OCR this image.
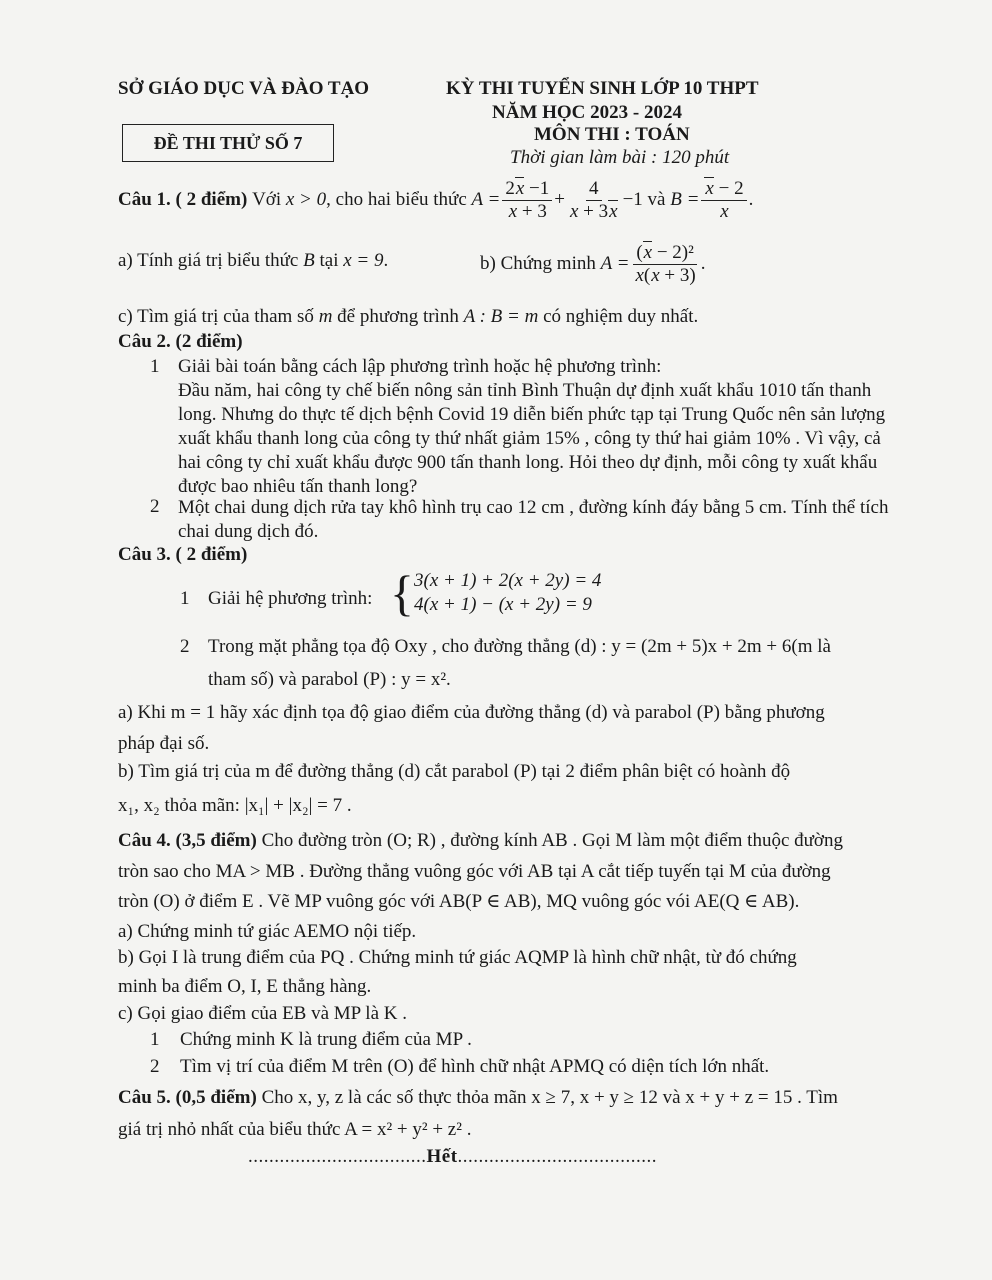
SỞ GIÁO DỤC VÀ ĐÀO TẠO	KỲ THI TUYỂN SINH LỚP 10 THPT
NĂM HỌC 2023 - 2024
ĐỀ THI THỬ SỐ 7	MÔN THI : TOÁN
Thời gian làm bài : 120 phút
Câu 1. ( 2 điểm)
Với
x > 0 , cho hai biểu thức
$A = \frac{2x -1}{x + 3} + \frac{4}{x + 3x} -1$ và
$B = \frac{x - 2}{x}$ .
a) Tính giá trị biểu thức B tại x = 9.	b) Chứng minh
$A = \frac{\text{(x − 2)²}}{x(x + 3)}$ .
c) Tìm giá trị của tham số m để phương trình A : B = m có nghiệm duy nhất.
Câu 2. (2 điểm)
1 Giải bài toán bằng cách lập phương trình hoặc hệ phương trình:
Đầu năm, hai công ty chế biến nông sản tỉnh Bình Thuận dự định xuất khẩu 1010 tấn thanh long. Nhưng do thực tế dịch bệnh Covid 19 diễn biến phức tạp tại Trung Quốc nên sản lượng xuất khẩu thanh long của công ty thứ nhất giảm 15% , công ty thứ hai giảm 10% . Vì vậy, cả hai công ty chỉ xuất khẩu được 900 tấn thanh long. Hỏi theo dự định, mỗi công ty xuất khẩu được bao nhiêu tấn thanh long?
2 Một chai dung dịch rửa tay khô hình trụ cao 12 cm , đường kính đáy bằng 5 cm. Tính thể tích chai dung dịch đó.
Câu 3. ( 2 điểm)
1 Giải hệ phương trình: { 3(x + 1) + 2(x + 2y) = 4
4(x + 1) − (x + 2y) = 9
2 Trong mặt phẳng tọa độ Oxy , cho đường thẳng (d) : y = (2m + 5)x + 2m + 6(m là
tham số) và parabol (P) : y = x².
a) Khi m = 1 hãy xác định tọa độ giao điểm của đường thẳng (d) và parabol (P) bằng phương
pháp đại số.
b) Tìm giá trị của m để đường thẳng (d) cắt parabol (P) tại 2 điểm phân biệt có hoành độ
x₁, x₂ thỏa mãn: |x₁| + |x₂| = 7 .
Câu 4. (3,5 điểm) Cho đường tròn (O; R) , đường kính AB . Gọi M làm một điểm thuộc đường
tròn sao cho MA > MB . Đường thẳng vuông góc với AB tại A cắt tiếp tuyến tại M của đường
tròn (O) ở điểm E . Vẽ MP vuông góc với AB(P ∈ AB), MQ vuông góc vói AE(Q ∈ AB).
a) Chứng minh tứ giác AEMO nội tiếp.
b) Gọi I là trung điểm của PQ . Chứng minh tứ giác AQMP là hình chữ nhật, từ đó chứng
minh ba điểm O, I, E thẳng hàng.
c) Gọi giao điểm của EB và MP là K .
1 Chứng minh K là trung điểm của MP .
2 Tìm vị trí của điểm M trên (O) để hình chữ nhật APMQ có diện tích lớn nhất.
Câu 5. (0,5 điểm) Cho x, y, z là các số thực thỏa mãn x ≥ 7, x + y ≥ 12 và x + y + z = 15 . Tìm
giá trị nhỏ nhất của biểu thức A = x² + y² + z² .
..................................Hết......................................
